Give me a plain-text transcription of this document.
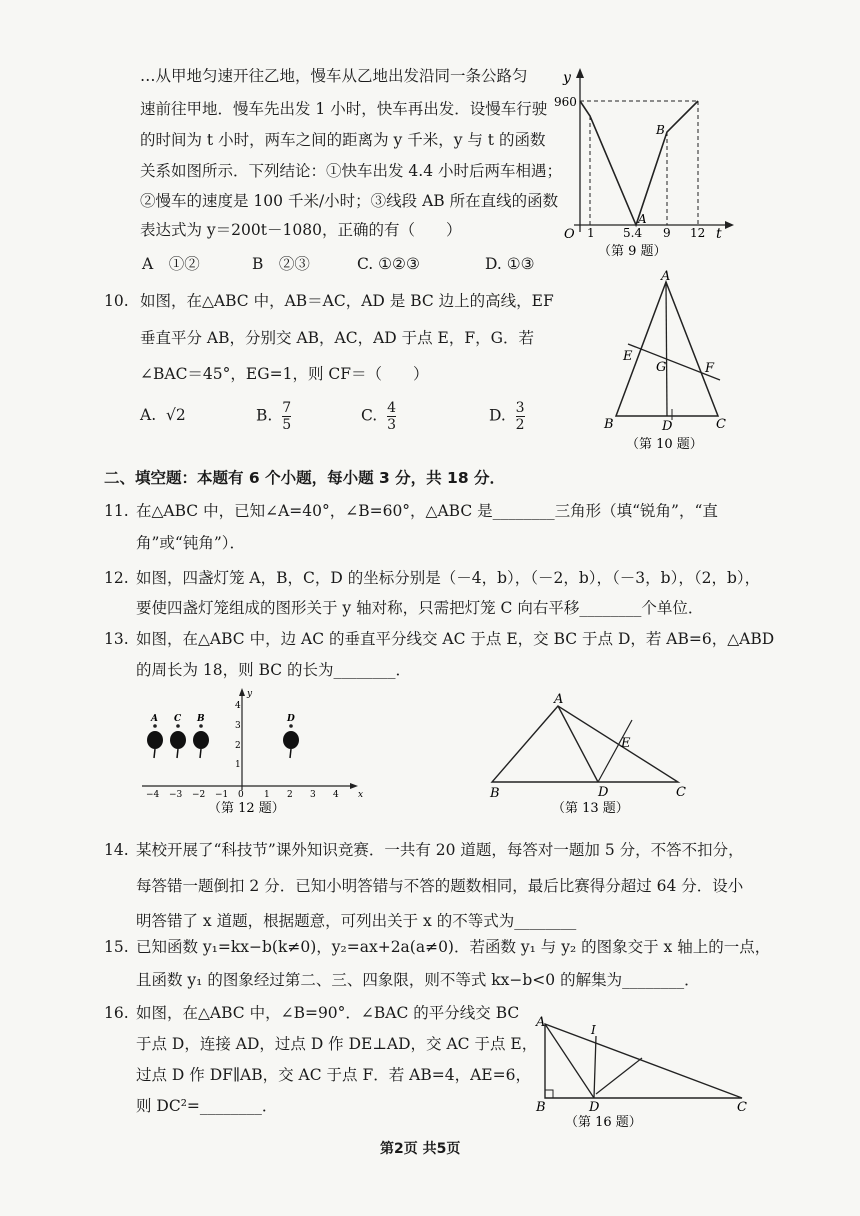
…从甲地匀速开往乙地，慢车从乙地出发沿同一条公路匀
速前往甲地．慢车先出发 1 小时，快车再出发．设慢车行驶
的时间为 t 小时，两车之间的距离为 y 千米，y 与 t 的函数
关系如图所示．下列结论：①快车出发 4.4 小时后两车相遇；
②慢车的速度是 100 千米/小时；③线段 AB 所在直线的函数
表达式为 y＝200t－1080，正确的有（　　）
A　①②	B　②③	C. ①②③	D. ①③
y
960
O 1 5.4 9 12 t
A
B
（第 9 题）
10. 如图，在△ABC 中，AB＝AC，AD 是 BC 边上的高线，EF
垂直平分 AB，分别交 AB，AC，AD 于点 E，F，G．若
∠BAC＝45°，EG=1，则 CF＝（　　）
A. √2	B. $\frac{7}{5}$	C. $\frac{4}{3}$	D. $\frac{3}{2}$
A
E
G	F
B	D	C
（第 10 题）
二、填空题：本题有 6 个小题，每小题 3 分，共 18 分．
11. 在△ABC 中，已知∠A=40°，∠B=60°，△ABC 是________三角形（填“锐角”，“直
角”或“钝角”）．
12. 如图，四盏灯笼 A，B，C，D 的坐标分别是（－4，b），（－2，b），（－3，b），（2，b），
要使四盏灯笼组成的图形关于 y 轴对称，只需把灯笼 C 向右平移________个单位．
13. 如图，在△ABC 中，边 AC 的垂直平分线交 AC 于点 E，交 BC 于点 D，若 AB=6，△ABD
的周长为 18，则 BC 的长为________．
−4 −3 −2 −1 0 1 2 3 4 x
y
4
3
2
1
A C B	D
（第 12 题）
A
E
B	D	C
（第 13 题）
14. 某校开展了“科技节”课外知识竞赛．一共有 20 道题，每答对一题加 5 分，不答不扣分，
每答错一题倒扣 2 分．已知小明答错与不答的题数相同，最后比赛得分超过 64 分．设小
明答错了 x 道题，根据题意，可列出关于 x 的不等式为________
15. 已知函数 y₁=kx−b(k≠0)，y₂=ax+2a(a≠0)．若函数 y₁ 与 y₂ 的图象交于 x 轴上的一点，
且函数 y₁ 的图象经过第二、三、四象限，则不等式 kx−b<0 的解集为________．
16. 如图，在△ABC 中，∠B=90°．∠BAC 的平分线交 BC
于点 D，连接 AD，过点 D 作 DE⊥AD，交 AC 于点 E，
过点 D 作 DF∥AB，交 AC 于点 F．若 AB=4，AE=6，
则 DC²=________．
A	I
B	D	C
（第 16 题）
第2页 共5页
